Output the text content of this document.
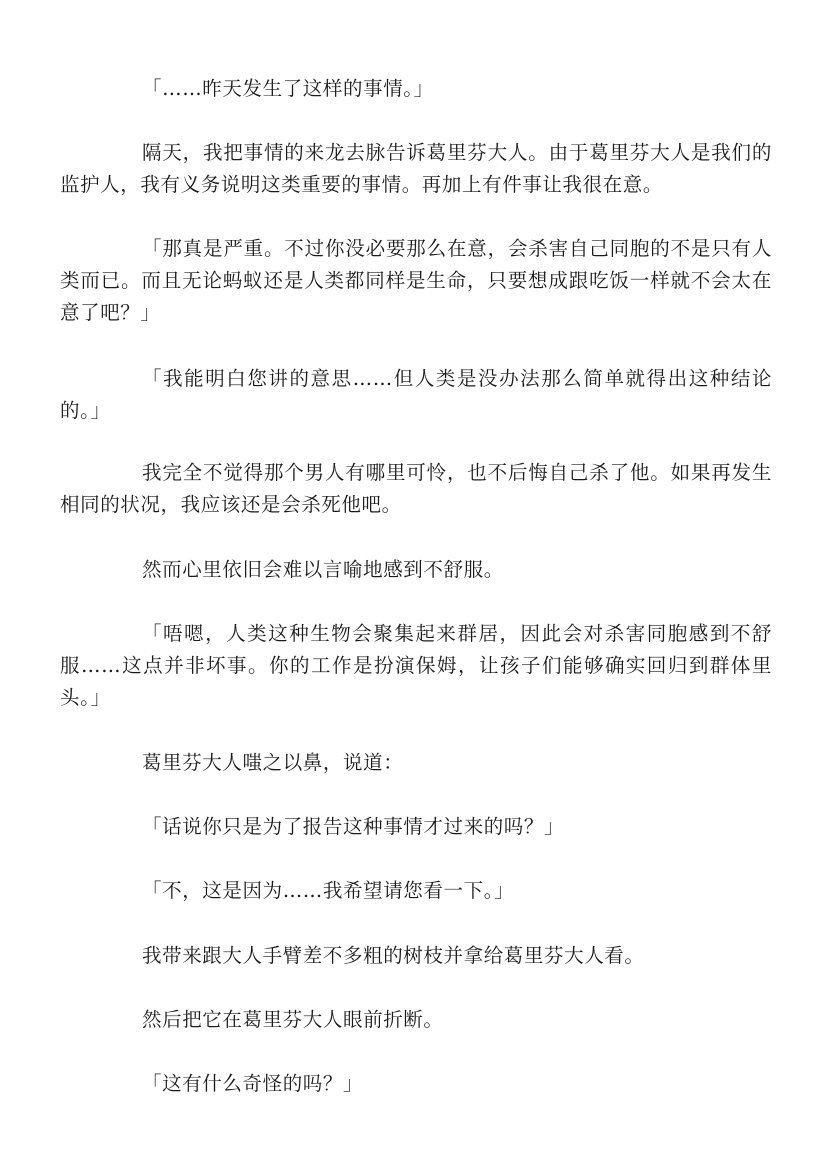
「……昨天发生了这样的事情。」

隔天，我把事情的来龙去脉告诉葛里芬大人。由于葛里芬大人是我们的监护人，我有义务说明这类重要的事情。再加上有件事让我很在意。

「那真是严重。不过你没必要那么在意，会杀害自己同胞的不是只有人类而已。而且无论蚂蚁还是人类都同样是生命，只要想成跟吃饭一样就不会太在意了吧？」

「我能明白您讲的意思……但人类是没办法那么简单就得出这种结论的。」

我完全不觉得那个男人有哪里可怜，也不后悔自己杀了他。如果再发生相同的状况，我应该还是会杀死他吧。

然而心里依旧会难以言喻地感到不舒服。

「唔嗯，人类这种生物会聚集起来群居，因此会对杀害同胞感到不舒服……这点并非坏事。你的工作是扮演保姆，让孩子们能够确实回归到群体里头。」

葛里芬大人嗤之以鼻，说道：

「话说你只是为了报告这种事情才过来的吗？」

「不，这是因为……我希望请您看一下。」

我带来跟大人手臂差不多粗的树枝并拿给葛里芬大人看。

然后把它在葛里芬大人眼前折断。

「这有什么奇怪的吗？」
